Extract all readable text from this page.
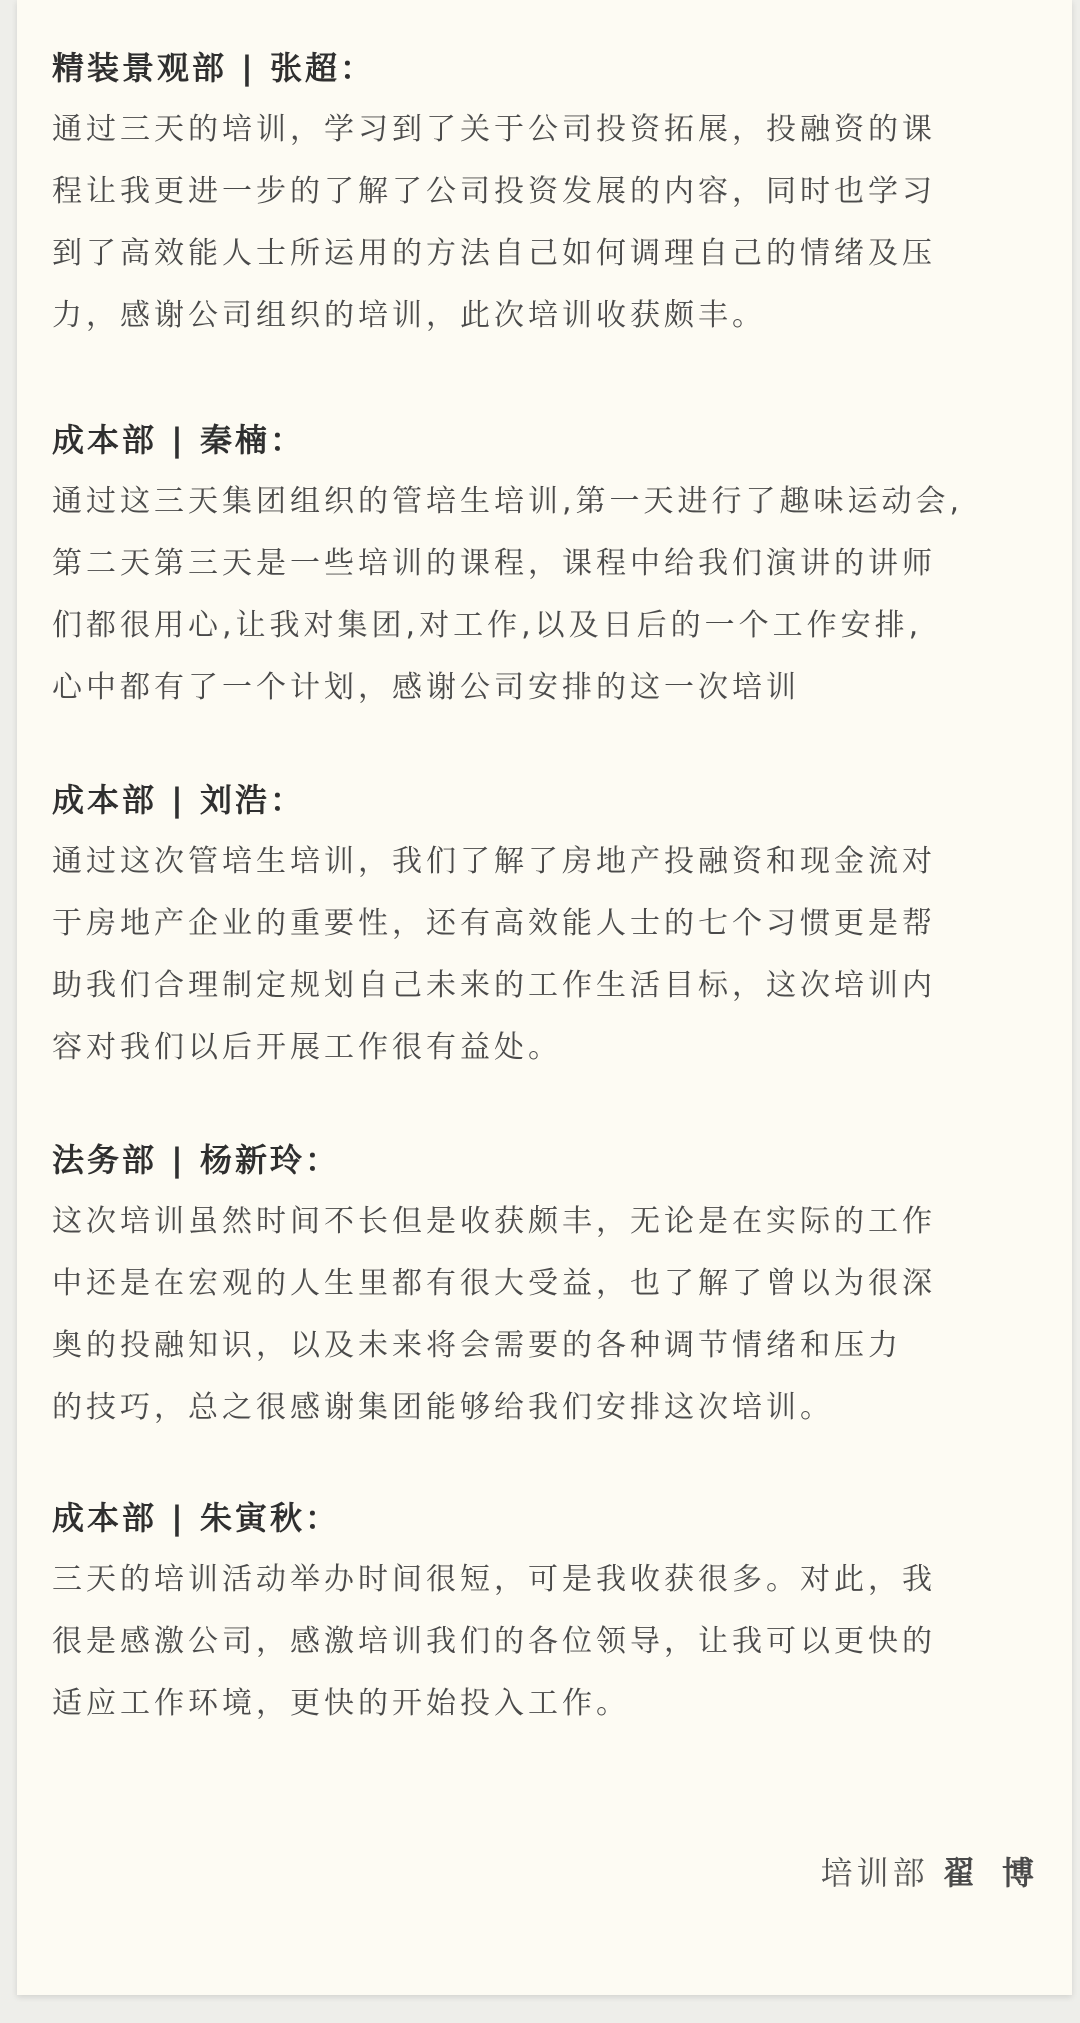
精装景观部 | 张超：
通过三天的培训，学习到了关于公司投资拓展，投融资的课
程让我更进一步的了解了公司投资发展的内容，同时也学习
到了高效能人士所运用的方法自己如何调理自己的情绪及压
力，感谢公司组织的培训，此次培训收获颇丰。
成本部 | 秦楠：
通过这三天集团组织的管培生培训,第一天进行了趣味运动会,
第二天第三天是一些培训的课程，课程中给我们演讲的讲师
们都很用心,让我对集团,对工作,以及日后的一个工作安排,
心中都有了一个计划，感谢公司安排的这一次培训
成本部 | 刘浩：
通过这次管培生培训，我们了解了房地产投融资和现金流对
于房地产企业的重要性，还有高效能人士的七个习惯更是帮
助我们合理制定规划自己未来的工作生活目标，这次培训内
容对我们以后开展工作很有益处。
法务部 | 杨新玲：
这次培训虽然时间不长但是收获颇丰，无论是在实际的工作
中还是在宏观的人生里都有很大受益，也了解了曾以为很深
奥的投融知识，以及未来将会需要的各种调节情绪和压力
的技巧，总之很感谢集团能够给我们安排这次培训。
成本部 | 朱寅秋：
三天的培训活动举办时间很短，可是我收获很多。对此，我
很是感激公司，感激培训我们的各位领导，让我可以更快的
适应工作环境，更快的开始投入工作。
培训部 翟 博
